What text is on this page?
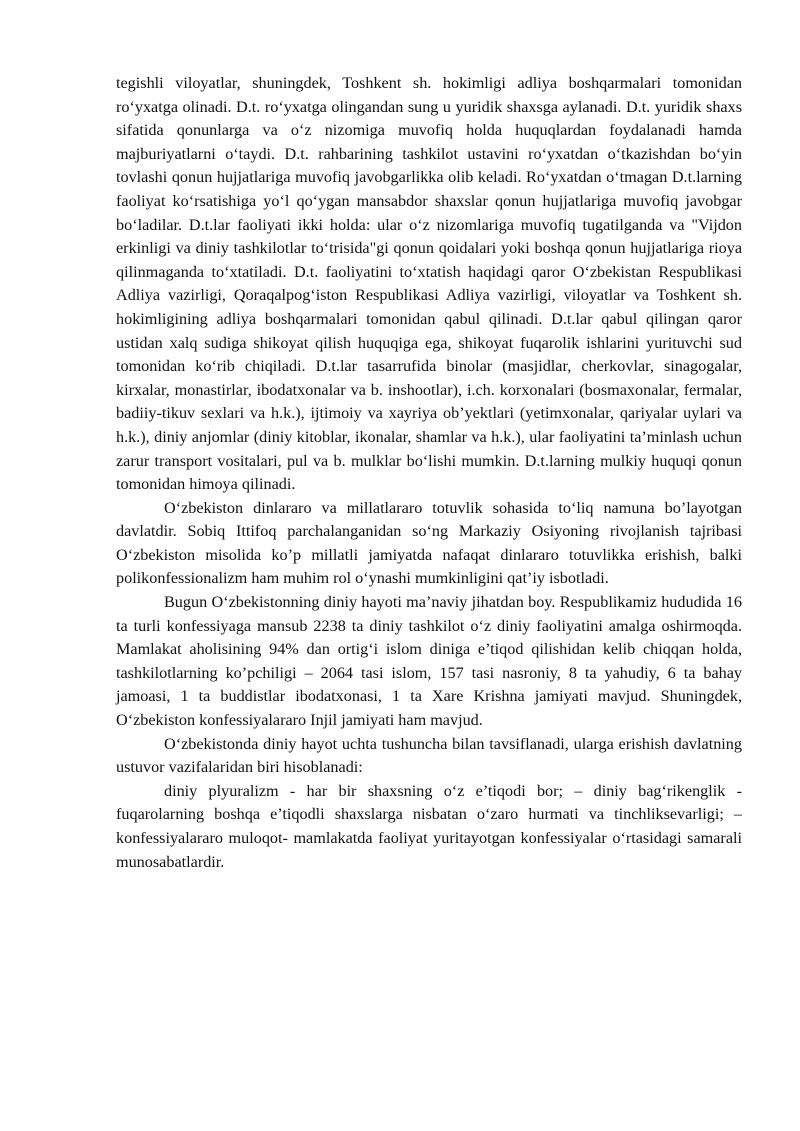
tegishli viloyatlar, shuningdek, Toshkent sh. hokimligi adliya boshqarmalari tomonidan ro‘yxatga olinadi. D.t. ro‘yxatga olingandan sung u yuridik shaxsga aylanadi. D.t. yuridik shaxs sifatida qonunlarga va o‘z nizomiga muvofiq holda huquqlardan foydalanadi hamda majburiyatlarni o‘taydi. D.t. rahbarining tashkilot ustavini ro‘yxatdan o‘tkazishdan bo‘yin tovlashi qonun hujjatlariga muvofiq javobgarlikka olib keladi. Ro‘yxatdan o‘tmagan D.t.larning faoliyat ko‘rsatishiga yo‘l qo‘ygan mansabdor shaxslar qonun hujjatlariga muvofiq javobgar bo‘ladilar. D.t.lar faoliyati ikki holda: ular o‘z nizomlariga muvofiq tugatilganda va "Vijdon erkinligi va diniy tashkilotlar to‘trisida"gi qonun qoidalari yoki boshqa qonun hujjatlariga rioya qilinmaganda to‘xtatiladi. D.t. faoliyatini to‘xtatish haqidagi qaror O‘zbekistan Respublikasi Adliya vazirligi, Qoraqalpog‘iston Respublikasi Adliya vazirligi, viloyatlar va Toshkent sh. hokimligining adliya boshqarmalari tomonidan qabul qilinadi. D.t.lar qabul qilingan qaror ustidan xalq sudiga shikoyat qilish huquqiga ega, shikoyat fuqarolik ishlarini yurituvchi sud tomonidan ko‘rib chiqiladi. D.t.lar tasarrufida binolar (masjidlar, cherkovlar, sinagogalar, kirxalar, monastirlar, ibodatxonalar va b. inshootlar), i.ch. korxonalari (bosmaxonalar, fermalar, badiiy-tikuv sexlari va h.k.), ijtimoiy va xayriya ob’yektlari (yetimxonalar, qariyalar uylari va h.k.), diniy anjomlar (diniy kitoblar, ikonalar, shamlar va h.k.), ular faoliyatini ta’minlash uchun zarur transport vositalari, pul va b. mulklar bo‘lishi mumkin. D.t.larning mulkiy huquqi qonun tomonidan himoya qilinadi.

O‘zbekiston dinlararo va millatlararo totuvlik sohasida to‘liq namuna bo’layotgan davlatdir. Sobiq Ittifoq parchalanganidan so‘ng Markaziy Osiyoning rivojlanish tajribasi O‘zbekiston misolida ko’p millatli jamiyatda nafaqat dinlararo totuvlikka erishish, balki polikonfessionalizm ham muhim rol o‘ynashi mumkinligini qat’iy isbotladi.

Bugun O‘zbekistonning diniy hayoti ma’naviy jihatdan boy. Respublikamiz hududida 16 ta turli konfessiyaga mansub 2238 ta diniy tashkilot o‘z diniy faoliyatini amalga oshirmoqda. Mamlakat aholisining 94% dan ortig‘i islom diniga e’tiqod qilishidan kelib chiqqan holda, tashkilotlarning ko’pchiligi – 2064 tasi islom, 157 tasi nasroniy, 8 ta yahudiy, 6 ta bahay jamoasi, 1 ta buddistlar ibodatxonasi, 1 ta Xare Krishna jamiyati mavjud. Shuningdek, O‘zbekiston konfessiyalararo Injil jamiyati ham mavjud.

O‘zbekistonda diniy hayot uchta tushuncha bilan tavsiflanadi, ularga erishish davlatning ustuvor vazifalaridan biri hisoblanadi:

diniy plyuralizm - har bir shaxsning o‘z e’tiqodi bor; – diniy bag‘rikenglik - fuqarolarning boshqa e’tiqodli shaxslarga nisbatan o‘zaro hurmati va tinchliksevarligi; – konfessiyalararo muloqot- mamlakatda faoliyat yuritayotgan konfessiyalar o‘rtasidagi samarali munosabatlardir.
